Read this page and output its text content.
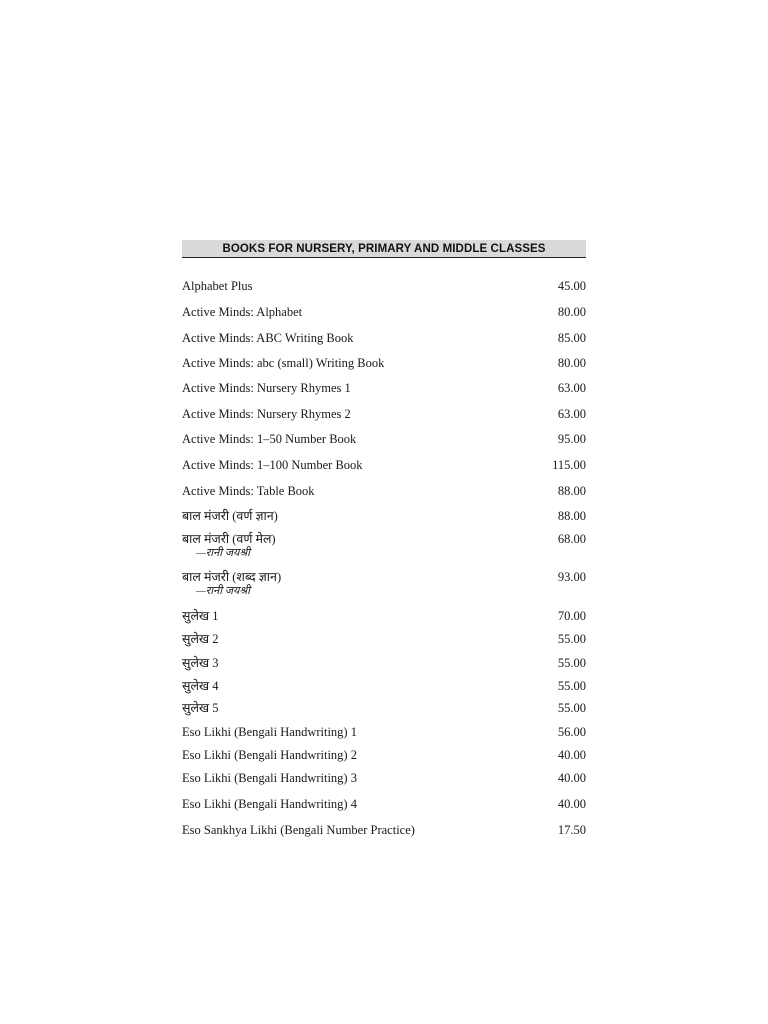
BOOKS FOR NURSERY, PRIMARY AND MIDDLE CLASSES
Alphabet Plus	45.00
Active Minds: Alphabet	80.00
Active Minds: ABC Writing Book	85.00
Active Minds: abc (small) Writing Book	80.00
Active Minds: Nursery Rhymes 1	63.00
Active Minds: Nursery Rhymes 2	63.00
Active Minds: 1–50 Number Book	95.00
Active Minds: 1–100 Number Book	115.00
Active Minds: Table Book	88.00
बाल मंजरी (वर्ण ज्ञान)	88.00
बाल मंजरी (वर्ण मेल)	68.00
—रानी जयश्री
बाल मंजरी (शब्द ज्ञान)	93.00
—रानी जयश्री
सुलेख 1	70.00
सुलेख 2	55.00
सुलेख 3	55.00
सुलेख 4	55.00
सुलेख 5	55.00
Eso Likhi (Bengali Handwriting) 1	56.00
Eso Likhi (Bengali Handwriting) 2	40.00
Eso Likhi (Bengali Handwriting) 3	40.00
Eso Likhi (Bengali Handwriting) 4	40.00
Eso Sankhya Likhi (Bengali Number Practice)	17.50
